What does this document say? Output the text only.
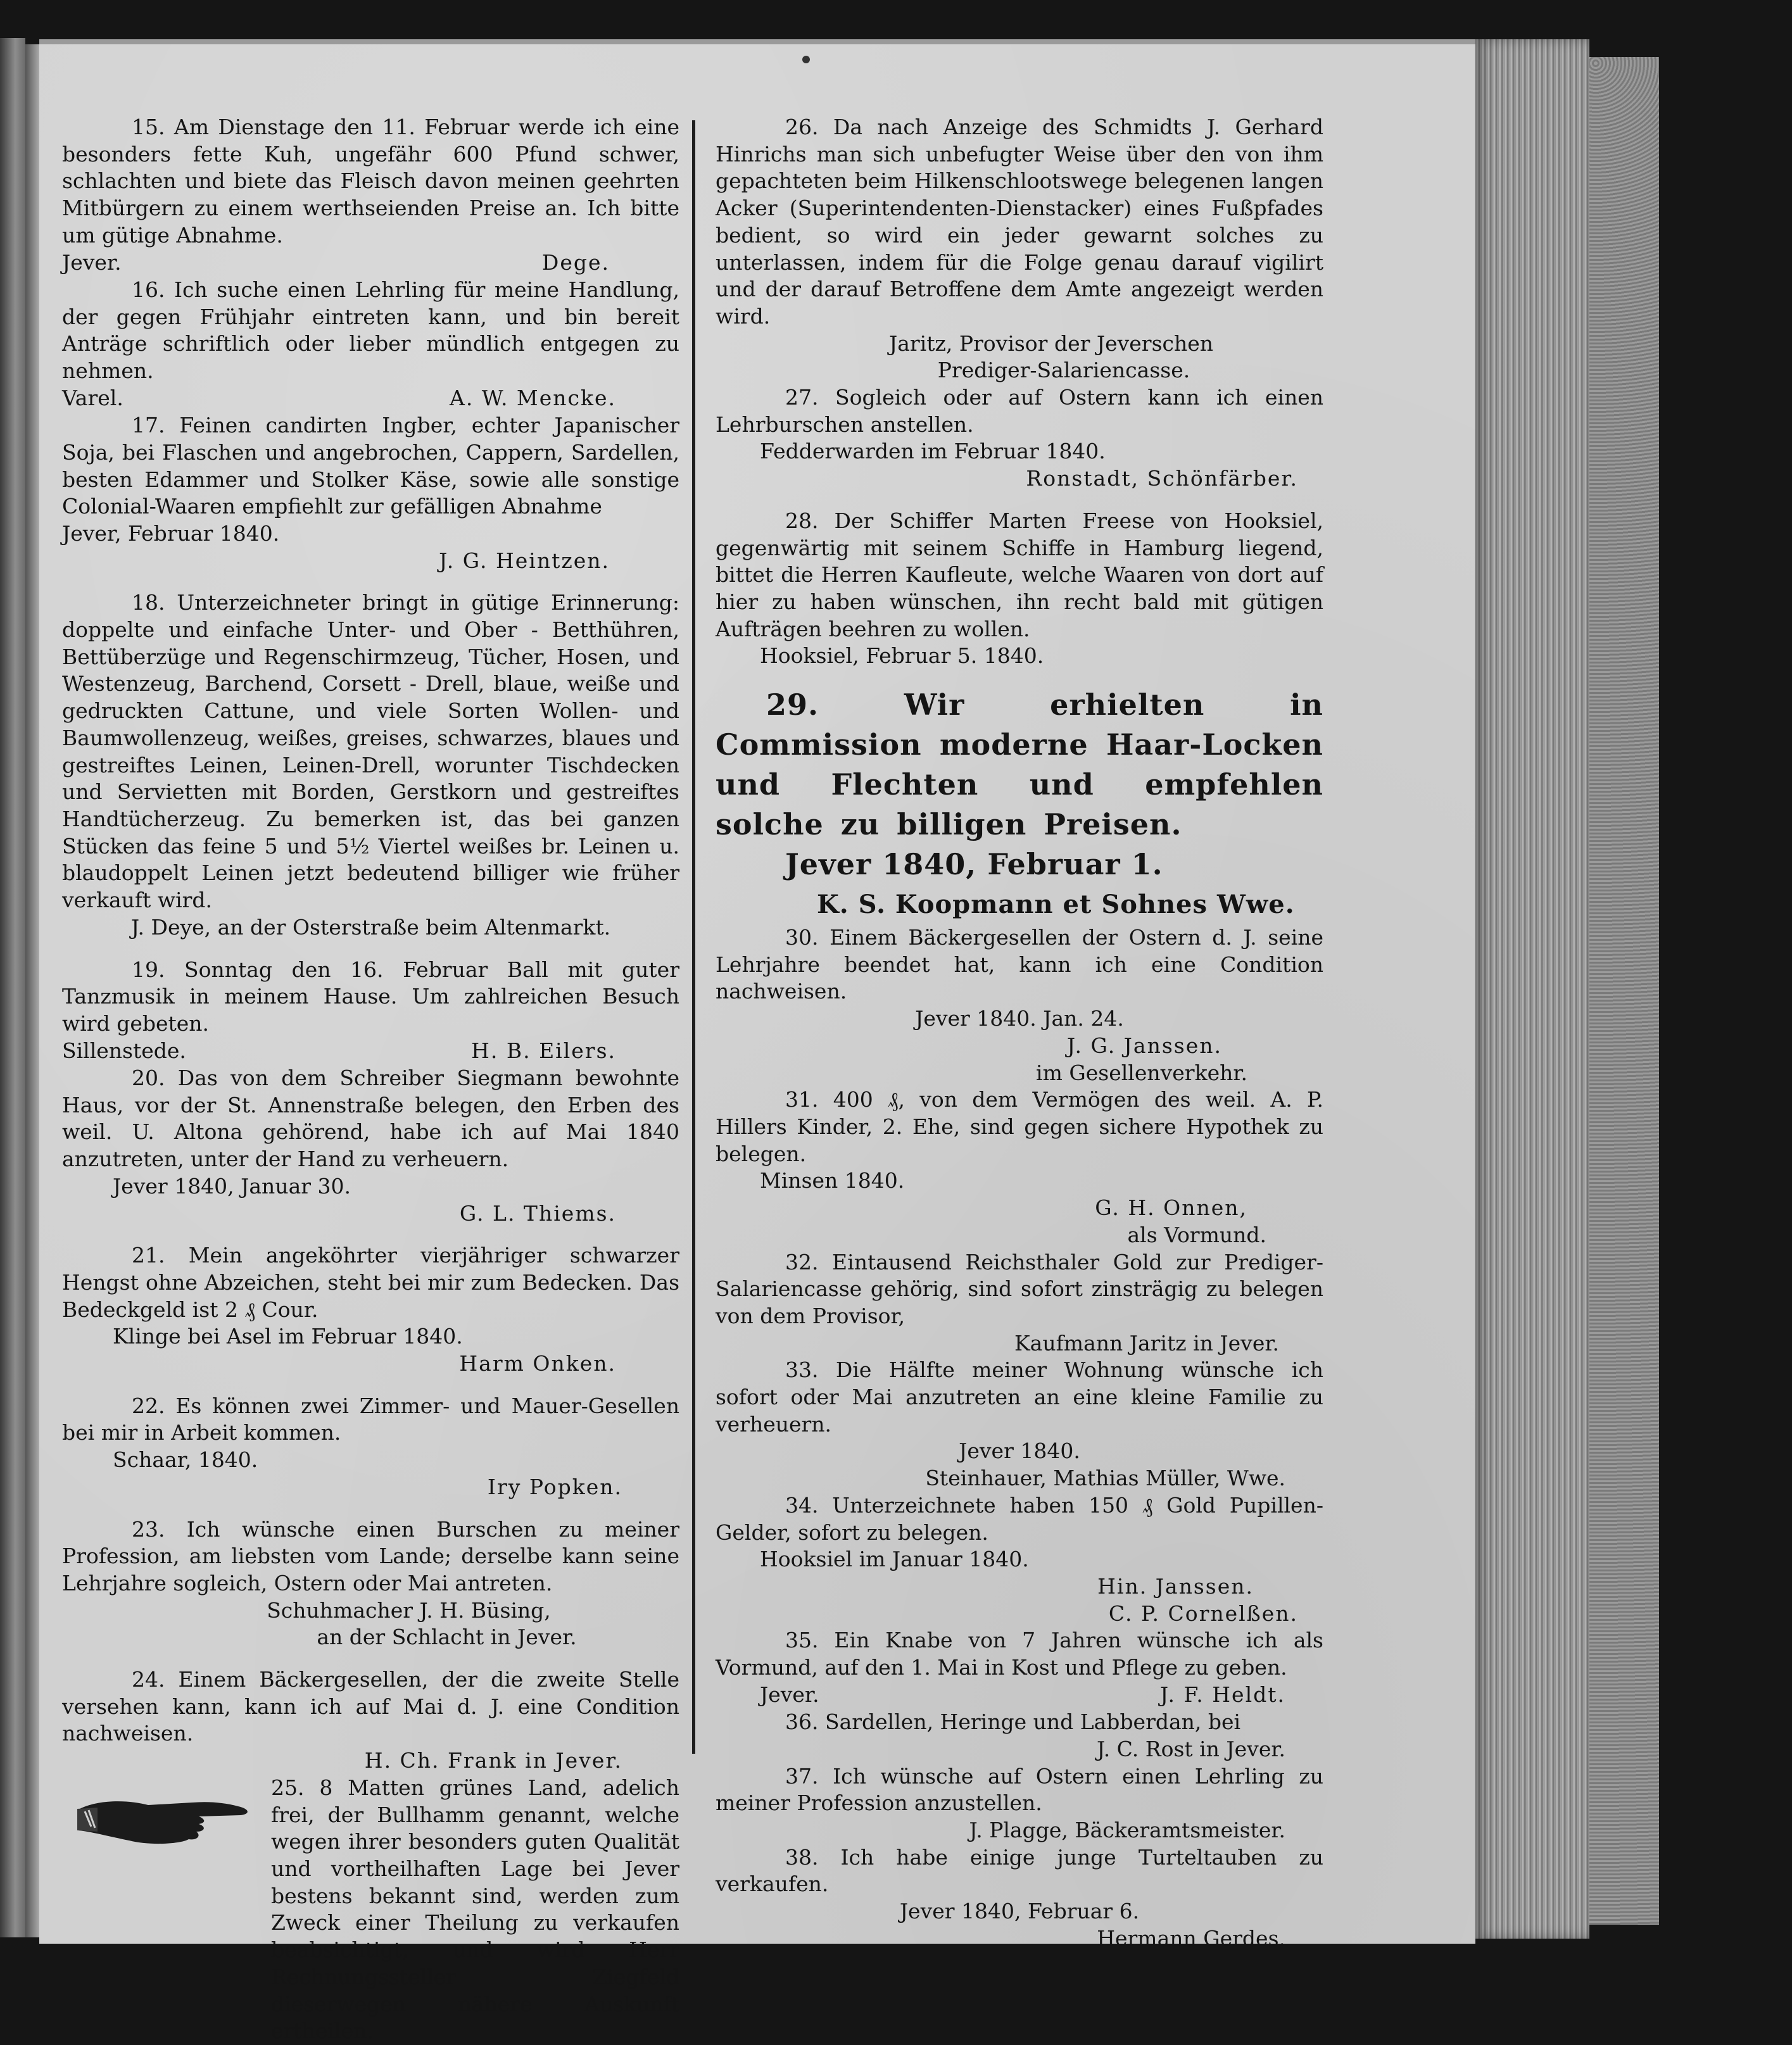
15. Am Dienstage den 11. Februar werde ich eine besonders fette Kuh, ungefähr 600 Pfund schwer, schlachten und biete das Fleisch davon meinen geehrten Mitbürgern zu einem werthseienden Preise an. Ich bitte um gütige Abnahme.

Jever.	Dege.

16. Ich suche einen Lehrling für meine Handlung, der gegen Frühjahr eintreten kann, und bin bereit Anträge schriftlich oder lieber mündlich entgegen zu nehmen.

Varel.	A. W. Mencke.

17. Feinen candirten Ingber, echter Japanischer Soja, bei Flaschen und angebrochen, Cappern, Sardellen, besten Edammer und Stolker Käse, sowie alle sonstige Colonial-Waaren empfiehlt zur gefälligen Abnahme

Jever, Februar 1840.

J. G. Heintzen.

18. Unterzeichneter bringt in gütige Erinnerung: doppelte und einfache Unter- und Ober - Betthühren, Bettüberzüge und Regenschirmzeug, Tücher, Hosen, und Westenzeug, Barchend, Corsett - Drell, blaue, weiße und gedruckten Cattune, und viele Sorten Wollen- und Baumwollenzeug, weißes, greises, schwarzes, blaues und gestreiftes Leinen, Leinen-Drell, worunter Tischdecken und Servietten mit Borden, Gerstkorn und gestreiftes Handtücherzeug. Zu bemerken ist, das bei ganzen Stücken das feine 5 und 5½ Viertel weißes br. Leinen u. blaudoppelt Leinen jetzt bedeutend billiger wie früher verkauft wird.

J. Deye, an der Osterstraße beim Altenmarkt.

19. Sonntag den 16. Februar Ball mit guter Tanzmusik in meinem Hause. Um zahlreichen Besuch wird gebeten.

Sillenstede.	H. B. Eilers.

20. Das von dem Schreiber Siegmann bewohnte Haus, vor der St. Annenstraße belegen, den Erben des weil. U. Altona gehörend, habe ich auf Mai 1840 anzutreten, unter der Hand zu verheuern.

Jever 1840, Januar 30.

G. L. Thiems.

21. Mein angeköhrter vierjähriger schwarzer Hengst ohne Abzeichen, steht bei mir zum Bedecken. Das Bedeckgeld ist 2 ₰ Cour.

Klinge bei Asel im Februar 1840.

Harm Onken.

22. Es können zwei Zimmer- und Mauer-Gesellen bei mir in Arbeit kommen.

Schaar, 1840.

Iry Popken.

23. Ich wünsche einen Burschen zu meiner Profession, am liebsten vom Lande; derselbe kann seine Lehrjahre sogleich, Ostern oder Mai antreten.

Schuhmacher J. H. Büsing,

an der Schlacht in Jever.

24. Einem Bäckergesellen, der die zweite Stelle versehen kann, kann ich auf Mai d. J. eine Condition nachweisen.

H. Ch. Frank in Jever.

25. 8 Matten grünes Land, adelich frei, der Bullhamm genannt, welche wegen ihrer besonders guten Qualität und vortheilhaften Lage bei Jever bestens bekannt sind, werden zum Zweck einer Theilung zu verkaufen beabsichtigt, und wird Herr Rechnungssteller Ziegfeld dieserwegen nähere Auskunft ertheilen.

26. Da nach Anzeige des Schmidts J. Gerhard Hinrichs man sich unbefugter Weise über den von ihm gepachteten beim Hilkenschlootswege belegenen langen Acker (Superintendenten-Dienstacker) eines Fußpfades bedient, so wird ein jeder gewarnt solches zu unterlassen, indem für die Folge genau darauf vigilirt und der darauf Betroffene dem Amte angezeigt werden wird.

Jaritz, Provisor der Jeverschen

Prediger-Salariencasse.

27. Sogleich oder auf Ostern kann ich einen Lehrburschen anstellen.

Fedderwarden im Februar 1840.

Ronstadt, Schönfärber.

28. Der Schiffer Marten Freese von Hooksiel, gegenwärtig mit seinem Schiffe in Hamburg liegend, bittet die Herren Kaufleute, welche Waaren von dort auf hier zu haben wünschen, ihn recht bald mit gütigen Aufträgen beehren zu wollen.

Hooksiel, Februar 5. 1840.

29. Wir erhielten in Commission moderne Haar-Locken und Flechten und empfehlen solche zu billigen Preisen.

Jever 1840, Februar 1.

K. S. Koopmann et Sohnes Wwe.

30. Einem Bäckergesellen der Ostern d. J. seine Lehrjahre beendet hat, kann ich eine Condition nachweisen.

Jever 1840. Jan. 24.

J. G. Janssen.

im Gesellenverkehr.

31. 400 ₰, von dem Vermögen des weil. A. P. Hillers Kinder, 2. Ehe, sind gegen sichere Hypothek zu belegen.

Minsen 1840.

G. H. Onnen,

als Vormund.

32. Eintausend Reichsthaler Gold zur Prediger-Salariencasse gehörig, sind sofort zinsträgig zu belegen von dem Provisor,

Kaufmann Jaritz in Jever.

33. Die Hälfte meiner Wohnung wünsche ich sofort oder Mai anzutreten an eine kleine Familie zu verheuern.

Jever 1840.

Steinhauer, Mathias Müller, Wwe.

34. Unterzeichnete haben 150 ₰ Gold Pupillen-Gelder, sofort zu belegen.

Hooksiel im Januar 1840.

Hin. Janssen.

C. P. Cornelßen.

35. Ein Knabe von 7 Jahren wünsche ich als Vormund, auf den 1. Mai in Kost und Pflege zu geben.

Jever.	J. F. Heldt.

36. Sardellen, Heringe und Labberdan, bei

J. C. Rost in Jever.

37. Ich wünsche auf Ostern einen Lehrling zu meiner Profession anzustellen.

J. Plagge, Bäckeramtsmeister.

38. Ich habe einige junge Turteltauben zu verkaufen.

Jever 1840, Februar 6.

Hermann Gerdes.
